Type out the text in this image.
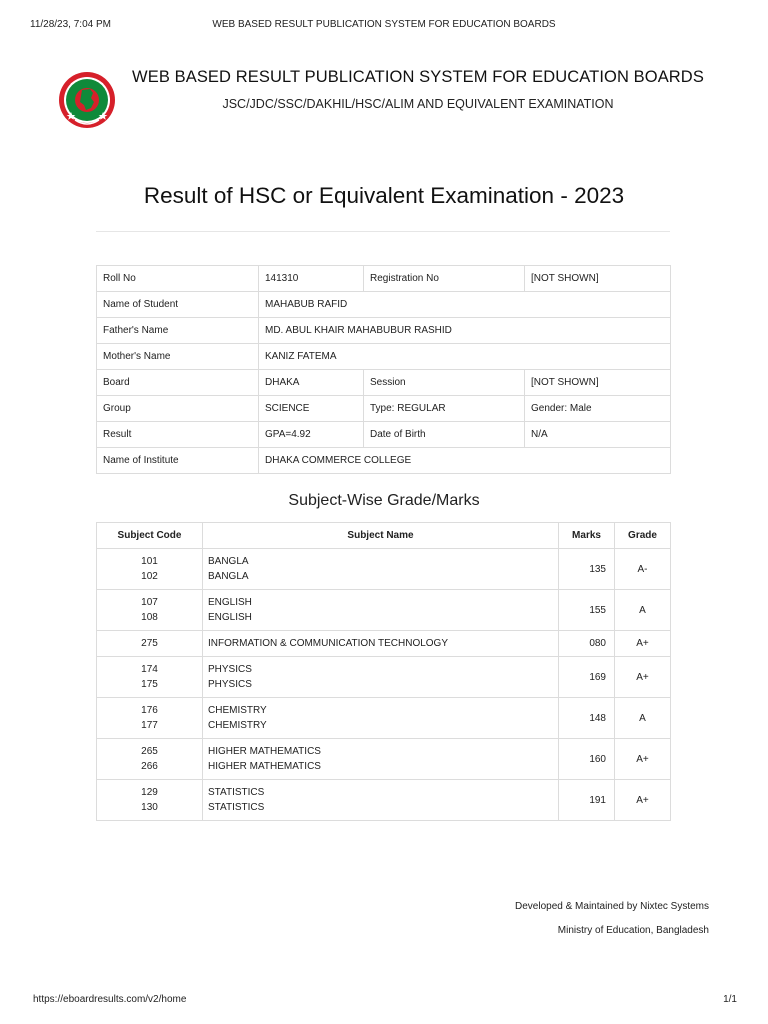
11/28/23, 7:04 PM	WEB BASED RESULT PUBLICATION SYSTEM FOR EDUCATION BOARDS
WEB BASED RESULT PUBLICATION SYSTEM FOR EDUCATION BOARDS
JSC/JDC/SSC/DAKHIL/HSC/ALIM AND EQUIVALENT EXAMINATION
Result of HSC or Equivalent Examination - 2023
Roll No	141310	Registration No	[NOT SHOWN]
Name of Student	MAHABUB RAFID		
Father's Name	MD. ABUL KHAIR MAHABUBUR RASHID		
Mother's Name	KANIZ FATEMA		
Board	DHAKA	Session	[NOT SHOWN]
Group	SCIENCE	Type: REGULAR	Gender: Male
Result	GPA=4.92	Date of Birth	N/A
Name of Institute	DHAKA COMMERCE COLLEGE		
Subject-Wise Grade/Marks
Subject Code	Subject Name	Marks	Grade

101
102	BANGLA
BANGLA	135	A-

107
108	ENGLISH
ENGLISH	155	A

275	INFORMATION & COMMUNICATION TECHNOLOGY	080	A+

174
175	PHYSICS
PHYSICS	169	A+

176
177	CHEMISTRY
CHEMISTRY	148	A

265
266	HIGHER MATHEMATICS
HIGHER MATHEMATICS	160	A+

129
130	STATISTICS
STATISTICS	191	A+
Developed & Maintained by Nixtec Systems
Ministry of Education, Bangladesh
https://eboardresults.com/v2/home	1/1
